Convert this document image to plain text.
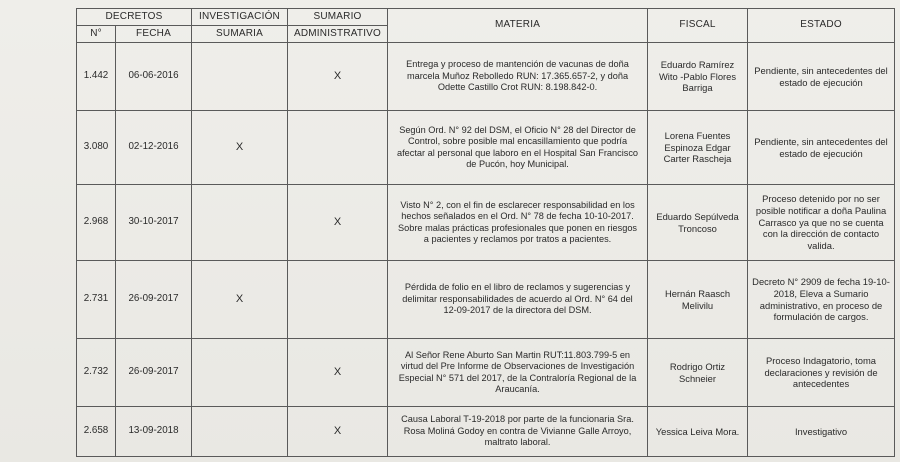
DECRETOS		INVESTIGACIÓN	SUMARIO	MATERIA	FISCAL	ESTADO
N°	FECHA	SUMARIA	ADMINISTRATIVO			
1.442	06-06-2016		X	Entrega y proceso de mantención de vacunas de doña marcela Muñoz Rebolledo RUN: 17.365.657-2, y doña Odette Castillo Crot RUN: 8.198.842-0.	Eduardo Ramírez Wito -Pablo Flores Barriga	Pendiente, sin antecedentes del estado de ejecución
3.080	02-12-2016	X		Según Ord. N° 92 del DSM, el Oficio N° 28 del Director de Control, sobre posible mal encasillamiento que podría afectar al personal que laboro en el Hospital San Francisco de Pucón, hoy Municipal.	Lorena Fuentes Espinoza Edgar Carter Rascheja	Pendiente, sin antecedentes del estado de ejecución
2.968	30-10-2017		X	Visto N° 2, con el fin de esclarecer responsabilidad en los hechos señalados en el Ord. N° 78 de fecha 10-10-2017. Sobre malas prácticas profesionales que ponen en riesgos a pacientes y reclamos por tratos a pacientes.	Eduardo Sepúlveda Troncoso	Proceso detenido por no ser posible notificar a doña Paulina Carrasco ya que no se cuenta con la dirección de contacto valida.
2.731	26-09-2017	X		Pérdida de folio en el libro de reclamos y sugerencias y delimitar responsabilidades de acuerdo al Ord. N° 64 del 12-09-2017 de la directora del DSM.	Hernán Raasch Melivilu	Decreto N° 2909 de fecha 19-10-2018, Eleva a Sumario administrativo, en proceso de formulación de cargos.
2.732	26-09-2017		X	Al Señor Rene Aburto San Martin RUT:11.803.799-5 en virtud del Pre Informe de Observaciones de Investigación Especial N° 571 del 2017, de la Contraloría Regional de la Araucanía.	Rodrigo Ortiz Schneier	Proceso Indagatorio, toma declaraciones y revisión de antecedentes
2.658	13-09-2018		X	Causa Laboral T-19-2018 por parte de la funcionaria Sra. Rosa Moliná Godoy en contra de Vivianne Galle Arroyo, maltrato laboral.	Yessica Leiva Mora.	Investigativo
